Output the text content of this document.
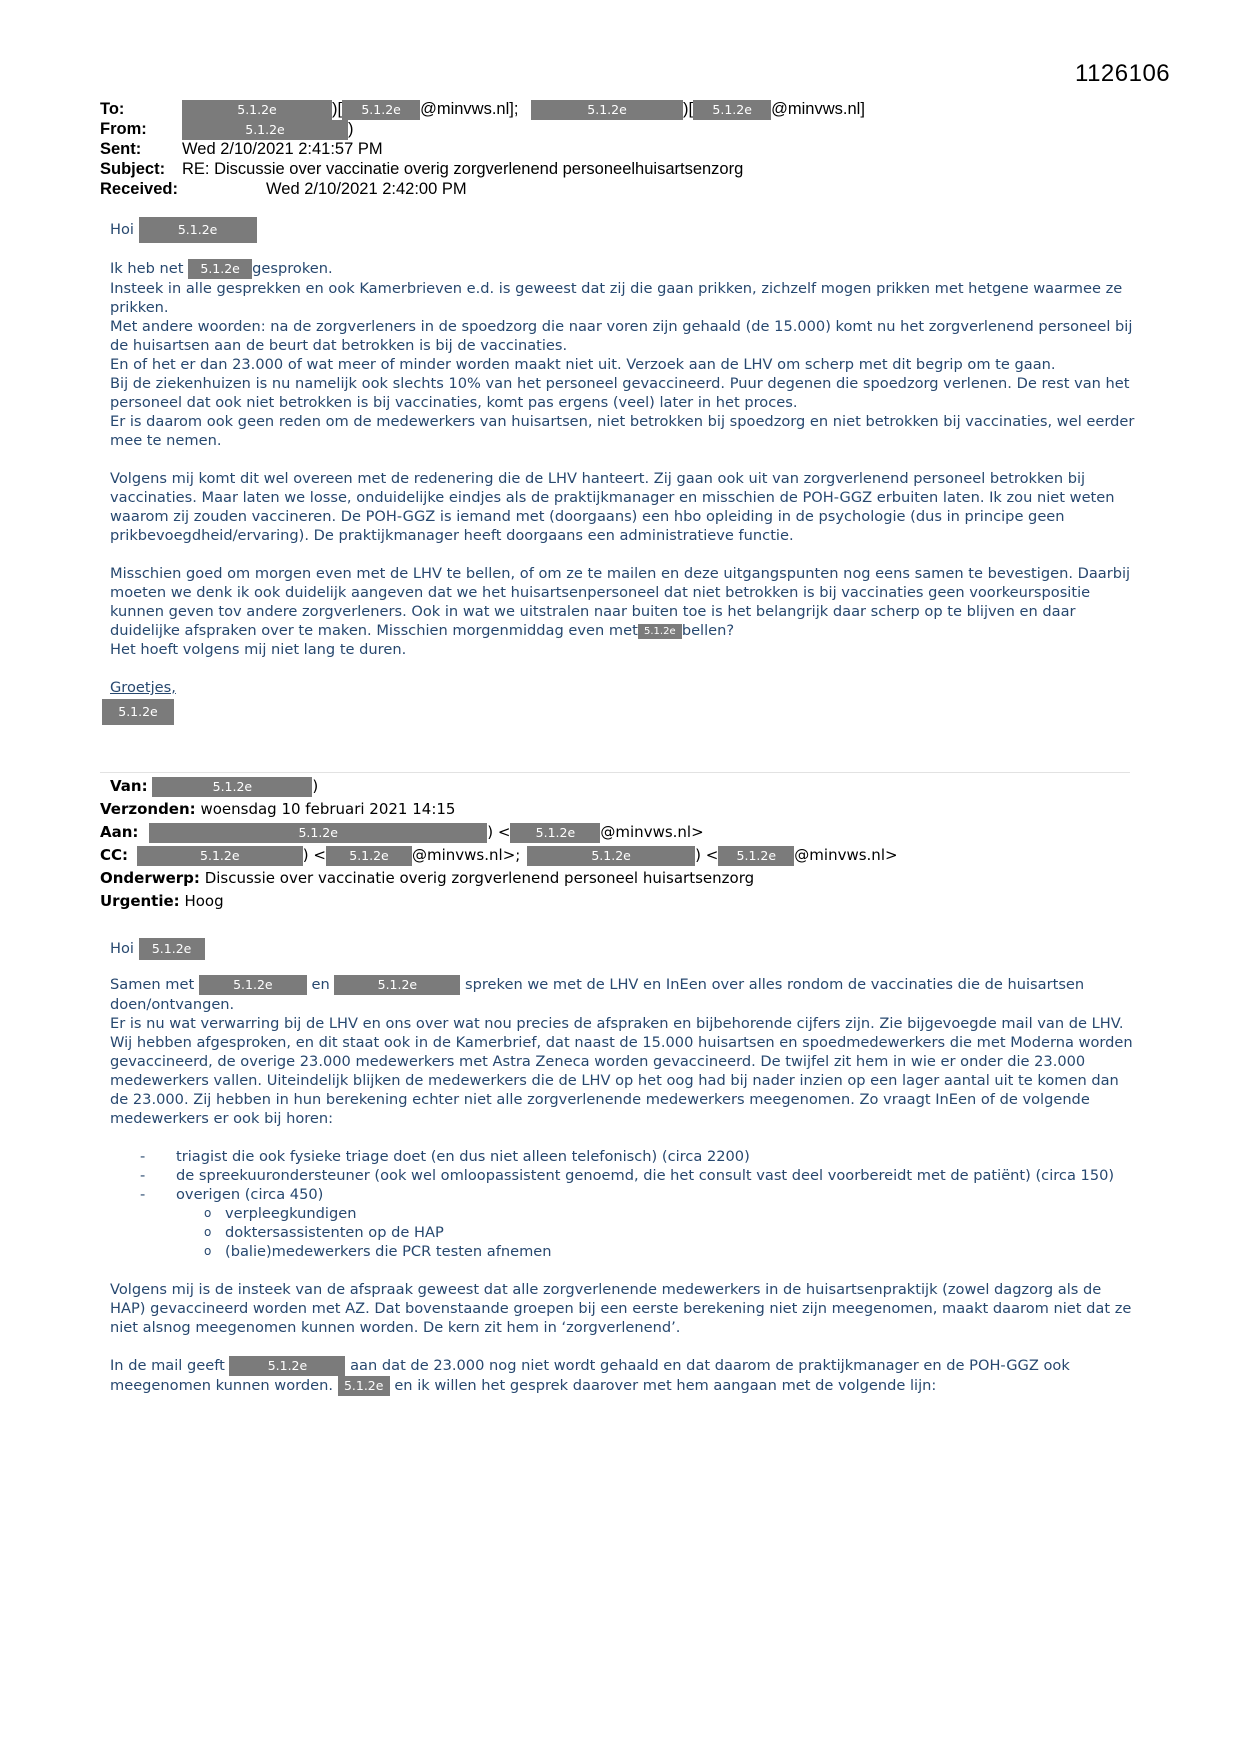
1126106
To:	5.1.2e	)[ 5.1.2e @minvws.nl];	5.1.2e	)[ 5.1.2e @minvws.nl]
From:	5.1.2e	)
Sent: Wed 2/10/2021 2:41:57 PM
Subject: RE: Discussie over vaccinatie overig zorgverlenend personeelhuisartsenzorg
Received:	Wed 2/10/2021 2:42:00 PM

Hoi	5.1.2e

Ik heb net 5.1.2e gesproken.

Insteek in alle gesprekken en ook Kamerbrieven e.d. is geweest dat zij die gaan prikken, zichzelf mogen prikken met hetgene waarmee ze prikken.

Met andere woorden: na de zorgverleners in de spoedzorg die naar voren zijn gehaald (de 15.000) komt nu het zorgverlenend personeel bij de huisartsen aan de beurt dat betrokken is bij de vaccinaties.

En of het er dan 23.000 of wat meer of minder worden maakt niet uit. Verzoek aan de LHV om scherp met dit begrip om te gaan.

Bij de ziekenhuizen is nu namelijk ook slechts 10% van het personeel gevaccineerd. Puur degenen die spoedzorg verlenen. De rest van het personeel dat ook niet betrokken is bij vaccinaties, komt pas ergens (veel) later in het proces.

Er is daarom ook geen reden om de medewerkers van huisartsen, niet betrokken bij spoedzorg en niet betrokken bij vaccinaties, wel eerder mee te nemen.

Volgens mij komt dit wel overeen met de redenering die de LHV hanteert. Zij gaan ook uit van zorgverlenend personeel betrokken bij vaccinaties. Maar laten we losse, onduidelijke eindjes als de praktijkmanager en misschien de POH-GGZ erbuiten laten. Ik zou niet weten waarom zij zouden vaccineren. De POH-GGZ is iemand met (doorgaans) een hbo opleiding in de psychologie (dus in principe geen prikbevoegdheid/ervaring). De praktijkmanager heeft doorgaans een administratieve functie.

Misschien goed om morgen even met de LHV te bellen, of om ze te mailen en deze uitgangspunten nog eens samen te bevestigen. Daarbij moeten we denk ik ook duidelijk aangeven dat we het huisartsenpersoneel dat niet betrokken is bij vaccinaties geen voorkeurspositie kunnen geven tov andere zorgverleners. Ook in wat we uitstralen naar buiten toe is het belangrijk daar scherp op te blijven en daar duidelijke afspraken over te maken. Misschien morgenmiddag even met 5.1.2e bellen?

Het hoeft volgens mij niet lang te duren.

Groetjes,

5.1.2e
Van:	5.1.2e	)
Verzonden: woensdag 10 februari 2021 14:15
Aan:	5.1.2e	) < 5.1.2e @minvws.nl>
CC:	5.1.2e	) < 5.1.2e @minvws.nl>;	5.1.2e	) < 5.1.2e @minvws.nl>
Onderwerp: Discussie over vaccinatie overig zorgverlenend personeel huisartsenzorg
Urgentie: Hoog

Hoi 5.1.2e

Samen met	5.1.2e	en	5.1.2e	spreken we met de LHV en InEen over alles rondom de vaccinaties die de huisartsen doen/ontvangen.

Er is nu wat verwarring bij de LHV en ons over wat nou precies de afspraken en bijbehorende cijfers zijn. Zie bijgevoegde mail van de LHV.

Wij hebben afgesproken, en dit staat ook in de Kamerbrief, dat naast de 15.000 huisartsen en spoedmedewerkers die met Moderna worden gevaccineerd, de overige 23.000 medewerkers met Astra Zeneca worden gevaccineerd. De twijfel zit hem in wie er onder die 23.000 medewerkers vallen. Uiteindelijk blijken de medewerkers die de LHV op het oog had bij nader inzien op een lager aantal uit te komen dan de 23.000. Zij hebben in hun berekening echter niet alle zorgverlenende medewerkers meegenomen. Zo vraagt InEen of de volgende medewerkers er ook bij horen:

- triagist die ook fysieke triage doet (en dus niet alleen telefonisch) (circa 2200)

- de spreekuurondersteuner (ook wel omloopassistent genoemd, die het consult vast deel voorbereidt met de patiënt) (circa 150)

- overigen (circa 450)

o verpleegkundigen

o doktersassistenten op de HAP

o (balie)medewerkers die PCR testen afnemen

Volgens mij is de insteek van de afspraak geweest dat alle zorgverlenende medewerkers in de huisartsenpraktijk (zowel dagzorg als de HAP) gevaccineerd worden met AZ. Dat bovenstaande groepen bij een eerste berekening niet zijn meegenomen, maakt daarom niet dat ze niet alsnog meegenomen kunnen worden. De kern zit hem in ‘zorgverlenend’.

In de mail geeft	5.1.2e	aan dat de 23.000 nog niet wordt gehaald en dat daarom de praktijkmanager en de POH-GGZ ook meegenomen kunnen worden. 5.1.2e en ik willen het gesprek daarover met hem aangaan met de volgende lijn:
